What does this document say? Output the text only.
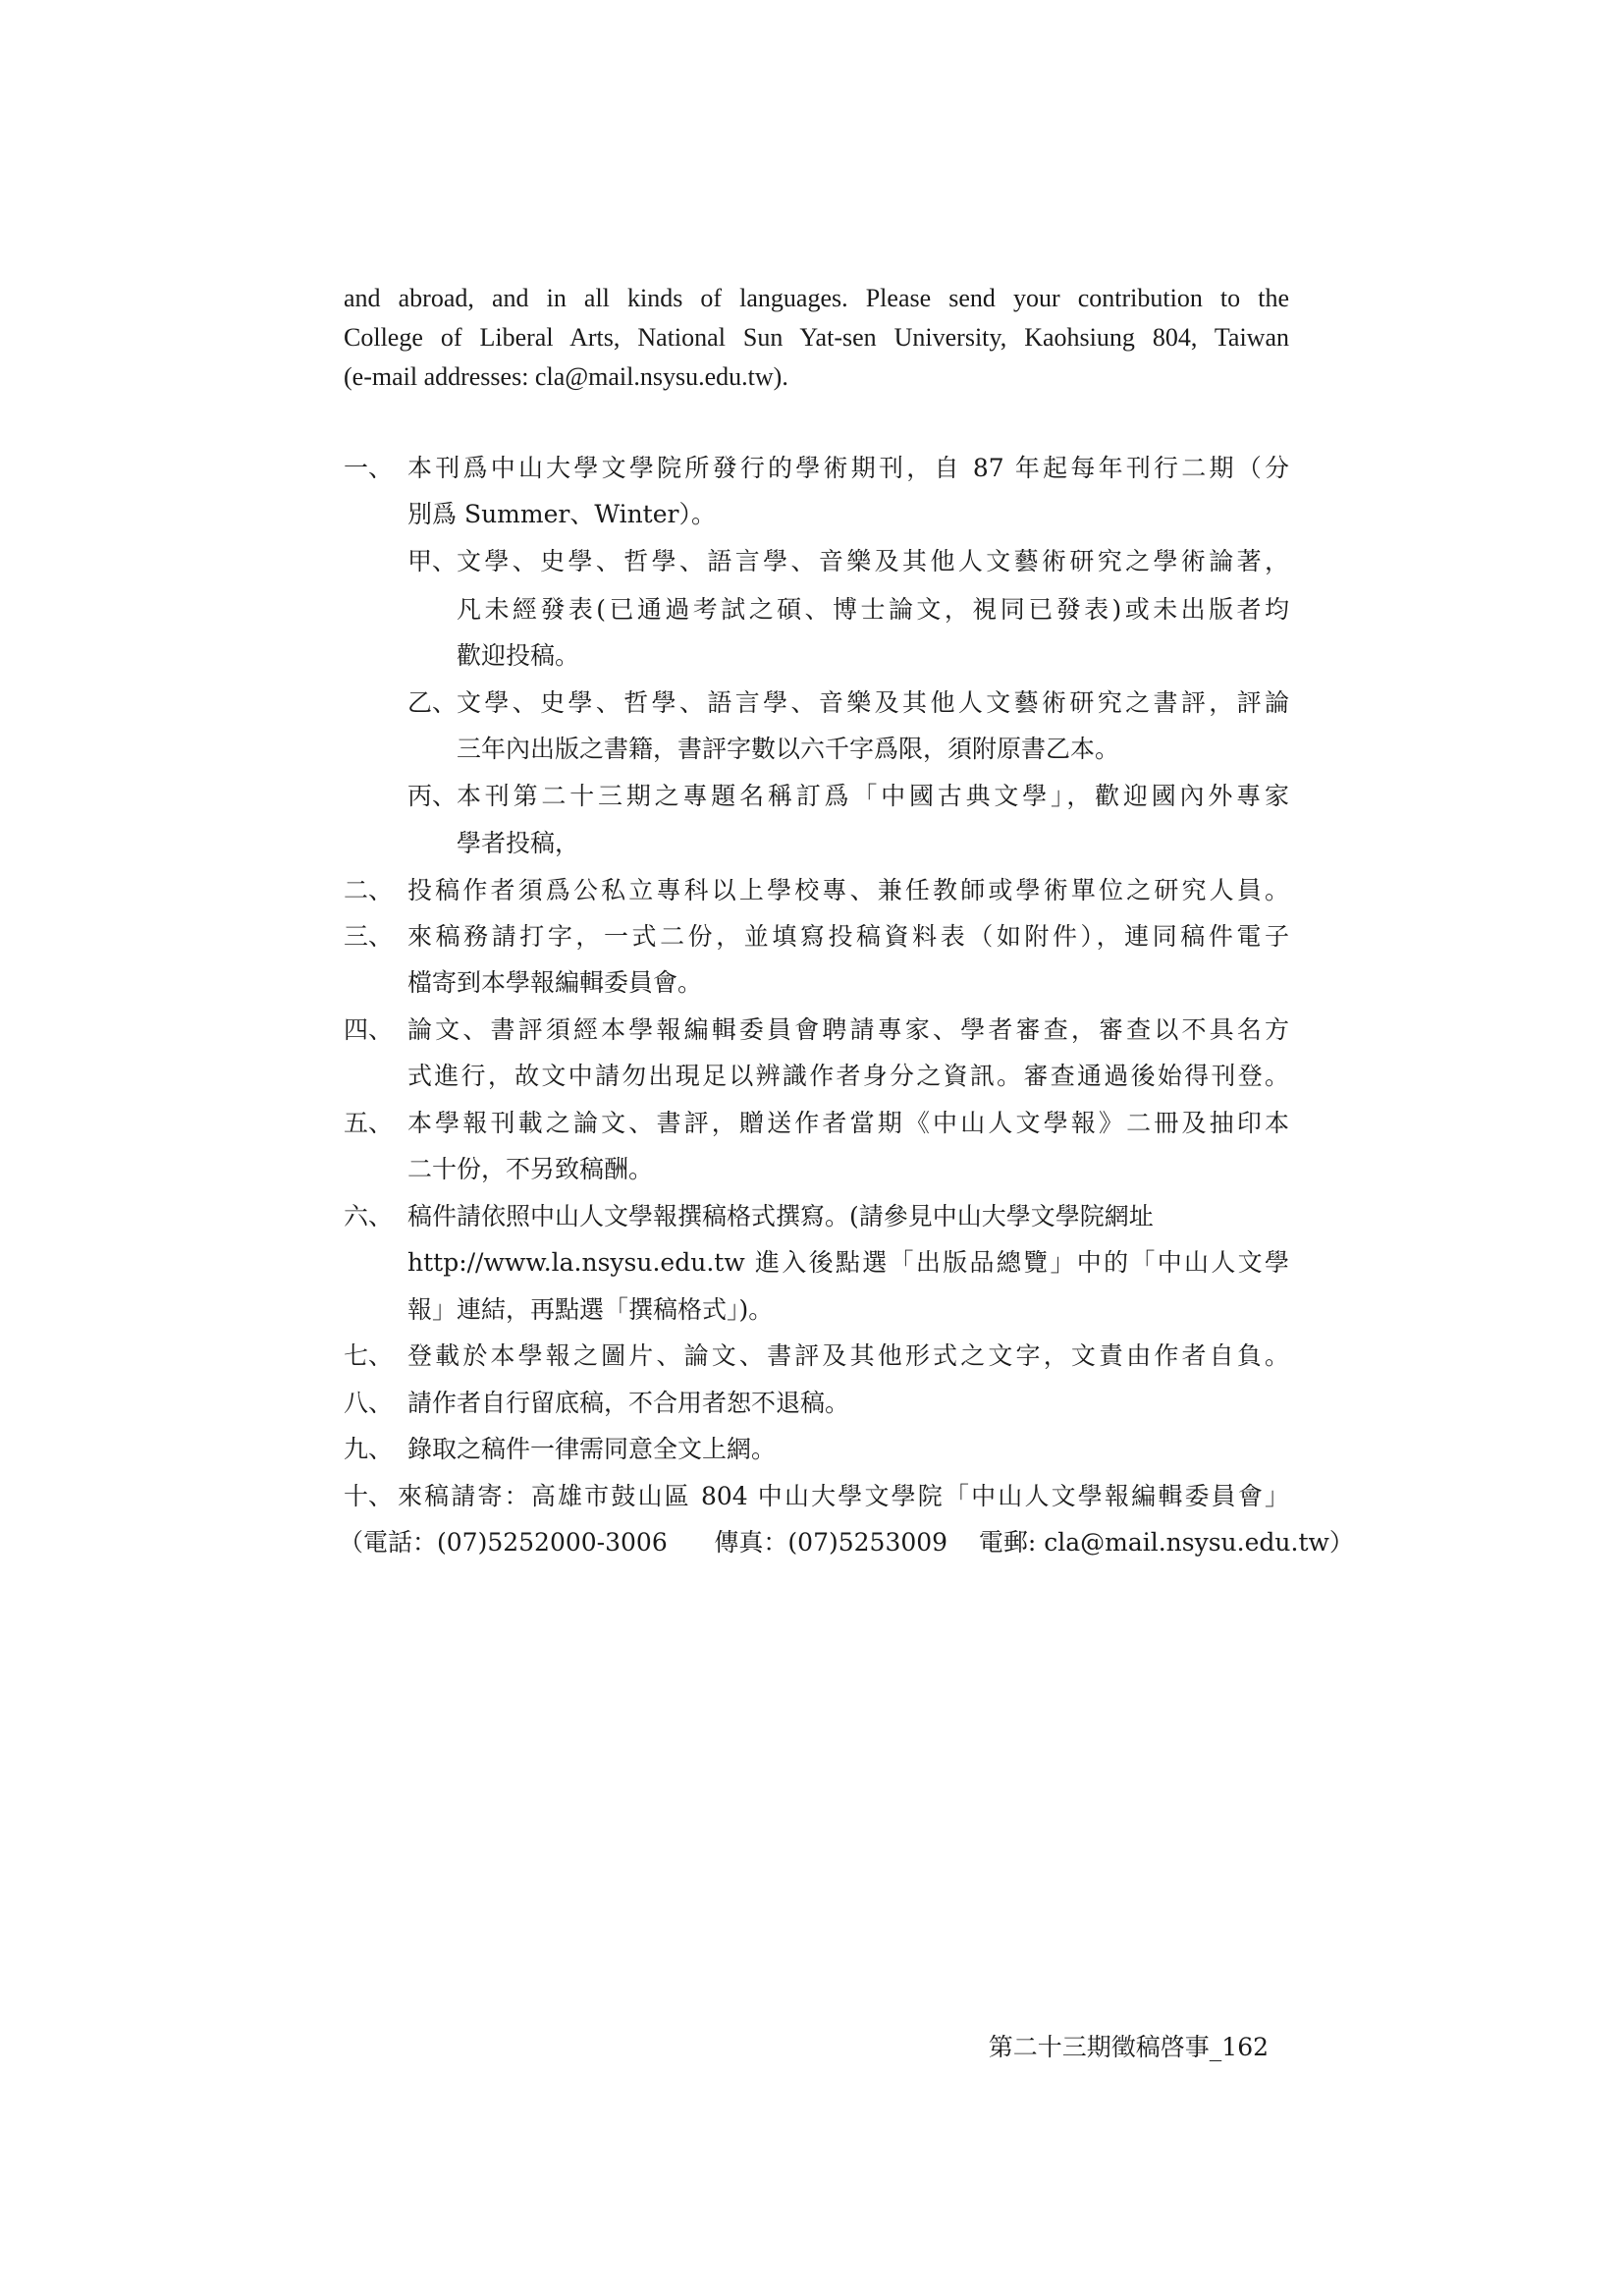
and abroad, and in all kinds of languages. Please send your contribution to the
College of Liberal Arts, National Sun Yat-sen University, Kaohsiung 804, Taiwan
(e-mail addresses: cla@mail.nsysu.edu.tw).
一、 本刊爲中山大學文學院所發行的學術期刊，自 87 年起每年刊行二期（分
別爲 Summer、Winter）。
甲、 文學、史學、哲學、語言學、音樂及其他人文藝術研究之學術論著，
凡未經發表(已通過考試之碩、博士論文，視同已發表)或未出版者均
歡迎投稿。
乙、 文學、史學、哲學、語言學、音樂及其他人文藝術研究之書評，評論
三年內出版之書籍，書評字數以六千字爲限，須附原書乙本。
丙、 本刊第二十三期之專題名稱訂爲「中國古典文學」，歡迎國內外專家
學者投稿，
二、 投稿作者須爲公私立專科以上學校專、兼任教師或學術單位之研究人員。
三、 來稿務請打字，一式二份，並填寫投稿資料表（如附件），連同稿件電子
檔寄到本學報編輯委員會。
四、 論文、書評須經本學報編輯委員會聘請專家、學者審查，審查以不具名方
式進行，故文中請勿出現足以辨識作者身分之資訊。審查通過後始得刊登。
五、 本學報刊載之論文、書評，贈送作者當期《中山人文學報》二冊及抽印本
二十份，不另致稿酬。
六、 稿件請依照中山人文學報撰稿格式撰寫。(請參見中山大學文學院網址
http://www.la.nsysu.edu.tw 進入後點選「出版品總覽」中的「中山人文學
報」連結，再點選「撰稿格式」)。
七、 登載於本學報之圖片、論文、書評及其他形式之文字，文責由作者自負。
八、 請作者自行留底稿，不合用者恕不退稿。
九、 錄取之稿件一律需同意全文上網。
十、 來稿請寄：高雄市鼓山區 804 中山大學文學院「中山人文學報編輯委員會」
（電話：(07)5252000-3006      傳真：(07)5253009    電郵: cla@mail.nsysu.edu.tw）
第二十三期徵稿啓事_162
